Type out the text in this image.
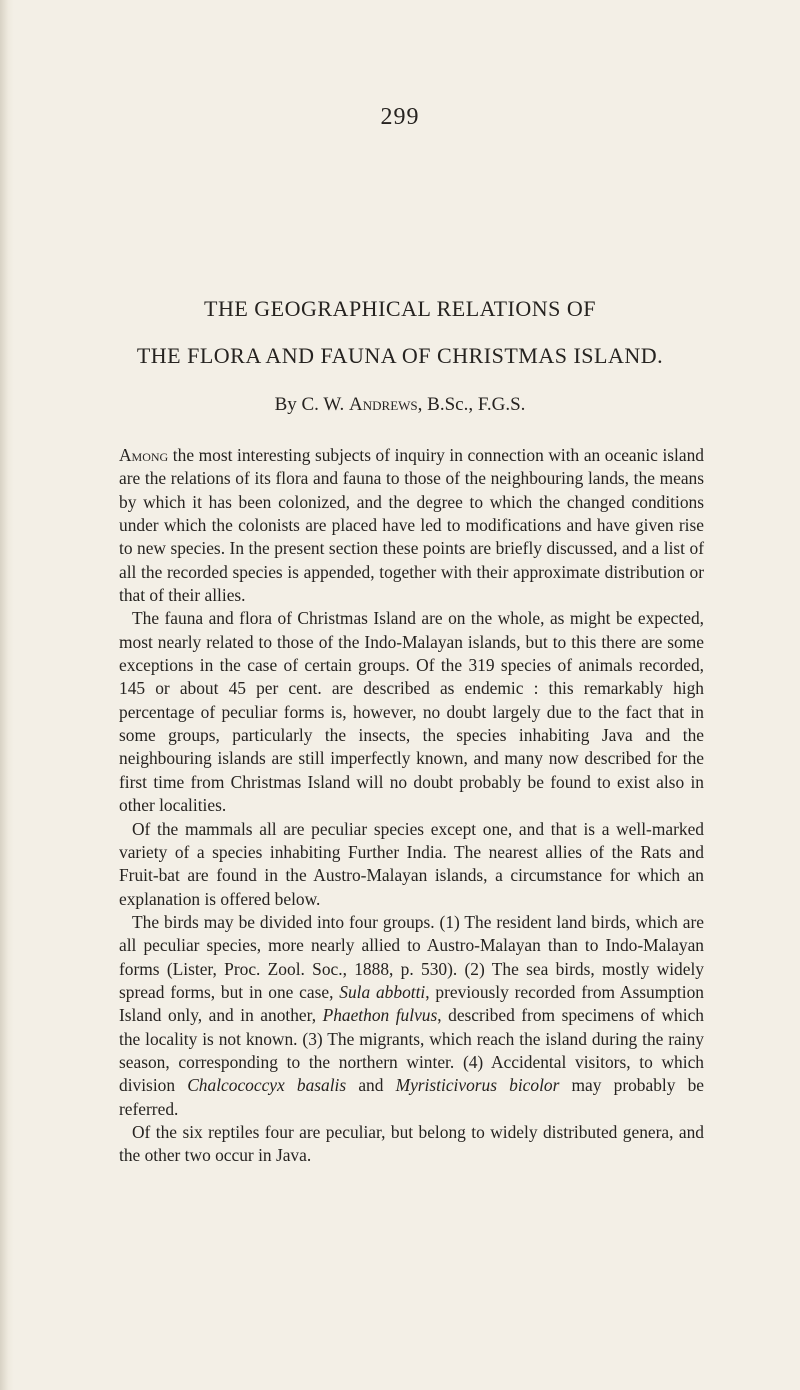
299
THE GEOGRAPHICAL RELATIONS OF
THE FLORA AND FAUNA OF CHRISTMAS ISLAND.
By C. W. Andrews, B.Sc., F.G.S.

Among the most interesting subjects of inquiry in connection with an oceanic island are the relations of its flora and fauna to those of the neighbouring lands, the means by which it has been colonized, and the degree to which the changed conditions under which the colonists are placed have led to modifications and have given rise to new species. In the present section these points are briefly discussed, and a list of all the recorded species is appended, together with their approximate distribution or that of their allies.

The fauna and flora of Christmas Island are on the whole, as might be expected, most nearly related to those of the Indo-Malayan islands, but to this there are some exceptions in the case of certain groups. Of the 319 species of animals recorded, 145 or about 45 per cent. are described as endemic : this remarkably high percentage of peculiar forms is, however, no doubt largely due to the fact that in some groups, particularly the insects, the species inhabiting Java and the neighbouring islands are still imperfectly known, and many now described for the first time from Christmas Island will no doubt probably be found to exist also in other localities.

Of the mammals all are peculiar species except one, and that is a well-marked variety of a species inhabiting Further India. The nearest allies of the Rats and Fruit-bat are found in the Austro-Malayan islands, a circumstance for which an explanation is offered below.

The birds may be divided into four groups. (1) The resident land birds, which are all peculiar species, more nearly allied to Austro-Malayan than to Indo-Malayan forms (Lister, Proc. Zool. Soc., 1888, p. 530). (2) The sea birds, mostly widely spread forms, but in one case, Sula abbotti, previously recorded from Assumption Island only, and in another, Phaethon fulvus, described from specimens of which the locality is not known. (3) The migrants, which reach the island during the rainy season, corresponding to the northern winter. (4) Accidental visitors, to which division Chalcococcyx basalis and Myristicivorus bicolor may probably be referred.

Of the six reptiles four are peculiar, but belong to widely distributed genera, and the other two occur in Java.
